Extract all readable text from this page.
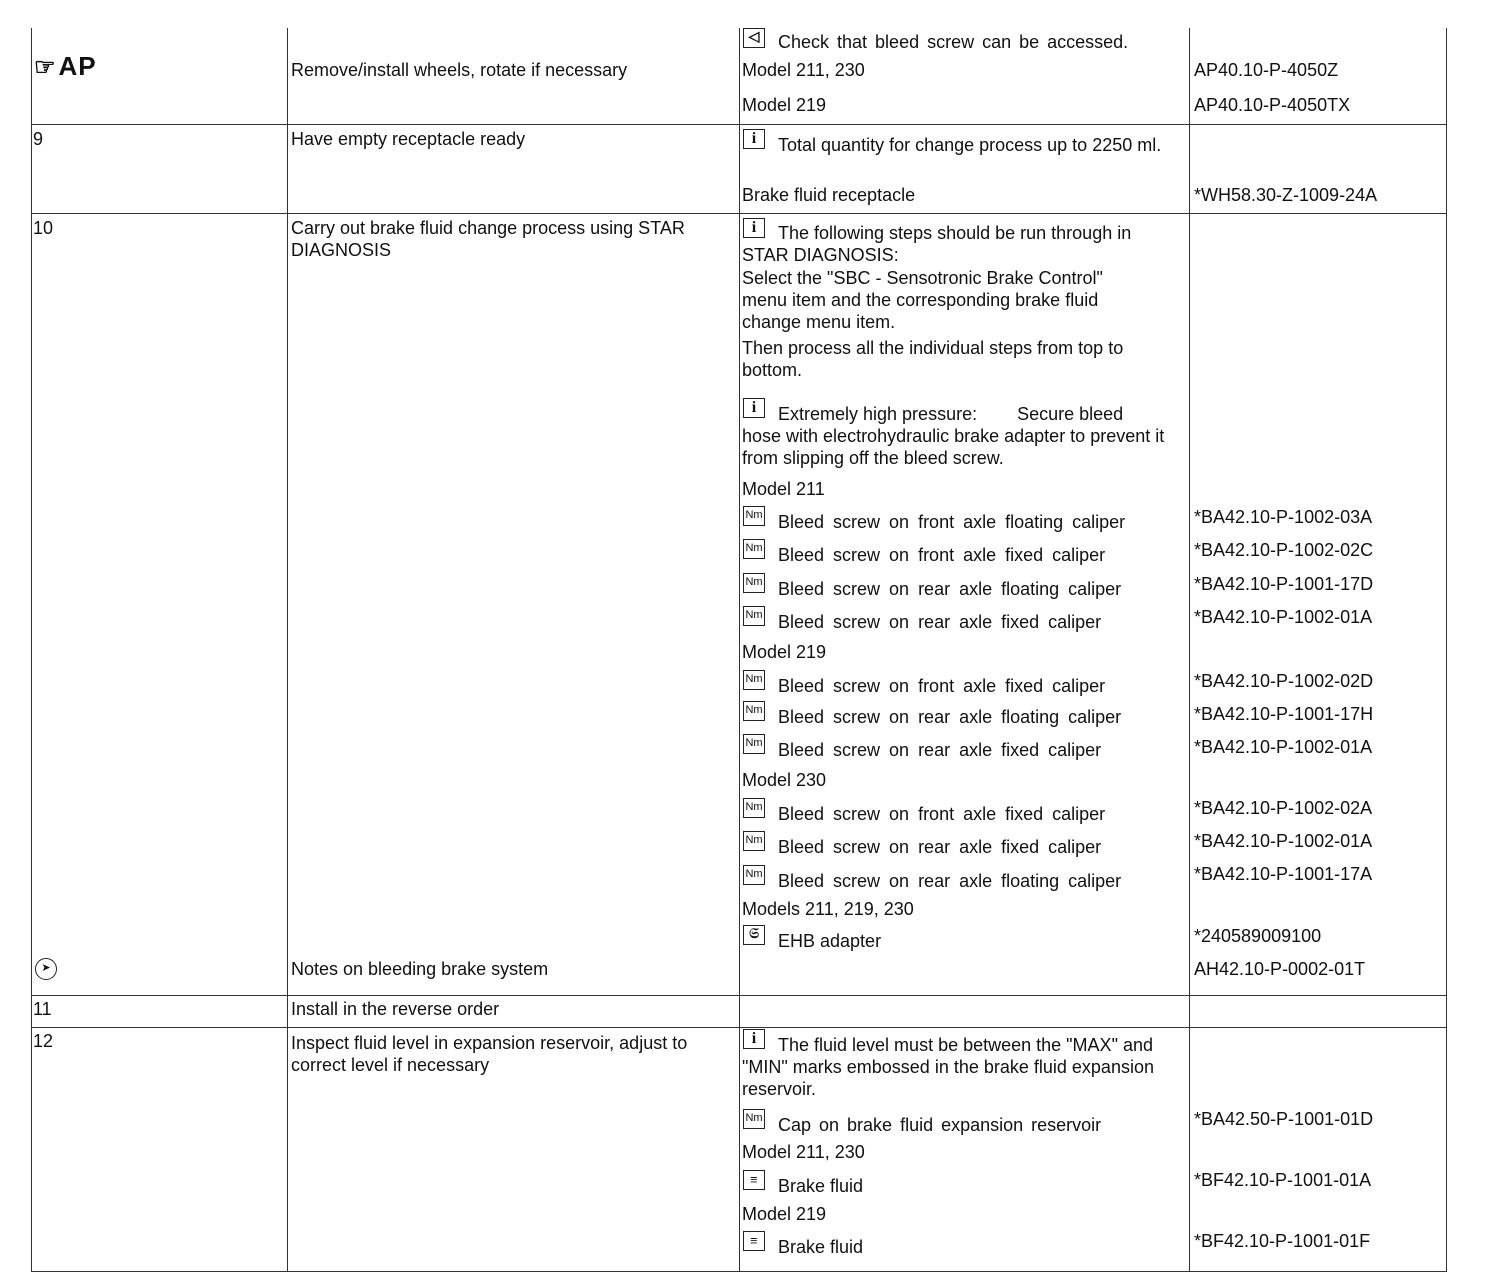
☞AP	Remove/install wheels, rotate if necessary
◁	Check that bleed screw can be accessed.
Model 211, 230	AP40.10-P-4050Z
Model 219	AP40.10-P-4050TX
9	Have empty receptacle ready	i	Total quantity for change process up to 2250 ml.
Brake fluid receptacle	*WH58.30-Z-1009-24A
10	Carry out brake fluid change process using STAR DIAGNOSIS
i	The following steps should be run through in STAR DIAGNOSIS:
Select the "SBC - Sensotronic Brake Control" menu item and the corresponding brake fluid change menu item.
Then process all the individual steps from top to bottom.
i	Extremely high pressure:        Secure bleed hose with electrohydraulic brake adapter to prevent it from slipping off the bleed screw.
Model 211
Nm Bleed screw on front axle floating caliper	*BA42.10-P-1002-03A
Nm Bleed screw on front axle fixed caliper	*BA42.10-P-1002-02C
Nm Bleed screw on rear axle floating caliper	*BA42.10-P-1001-17D
Nm Bleed screw on rear axle fixed caliper	*BA42.10-P-1002-01A
Model 219
Nm Bleed screw on front axle fixed caliper	*BA42.10-P-1002-02D
Nm Bleed screw on rear axle floating caliper	*BA42.10-P-1001-17H
Nm Bleed screw on rear axle fixed caliper	*BA42.10-P-1002-01A
Model 230
Nm Bleed screw on front axle fixed caliper	*BA42.10-P-1002-02A
Nm Bleed screw on rear axle fixed caliper	*BA42.10-P-1002-01A
Nm Bleed screw on rear axle floating caliper	*BA42.10-P-1001-17A
Models 211, 219, 230
𝔖	EHB adapter	*240589009100
➤	Notes on bleeding brake system	AH42.10-P-0002-01T
11	Install in the reverse order
12	Inspect fluid level in expansion reservoir, adjust to correct level if necessary
i	The fluid level must be between the "MAX" and "MIN" marks embossed in the brake fluid expansion reservoir.
Nm Cap on brake fluid expansion reservoir	*BA42.50-P-1001-01D
Model 211, 230
≡	Brake fluid	*BF42.10-P-1001-01A
Model 219
≡	Brake fluid	*BF42.10-P-1001-01F
